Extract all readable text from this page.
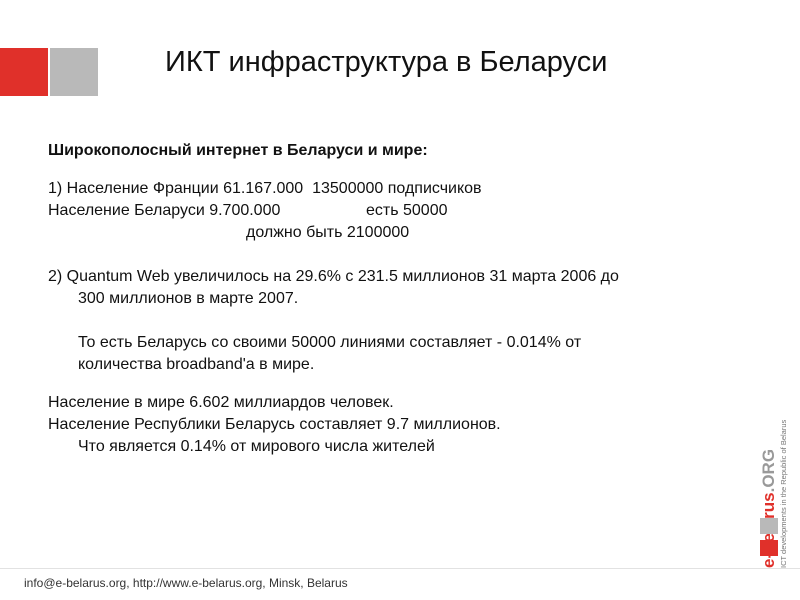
ИКТ инфраструктура в Беларуси
Широкополосный интернет в Беларуси и мире:
1) Население Франции 61.167.000 13500000 подписчиков
Население Беларуси 9.700.000	есть 50000
должно быть 2100000
2) Quantum Web увеличилось на 29.6% с 231.5 миллионов 31 марта 2006 до
300 миллионов в марте 2007.
То есть Беларусь со своими 50000 линиями составляет - 0.014% от
количества broadband'а в мире.
Население в мире 6.602 миллиардов человек.
Население Республики Беларусь составляет 9.7 миллионов.
Что является 0.14% от мирового числа жителей
.ORG ICT developments in the Republic of Belarus
info@e-belarus.org, http://www.e-belarus.org, Minsk, Belarus
